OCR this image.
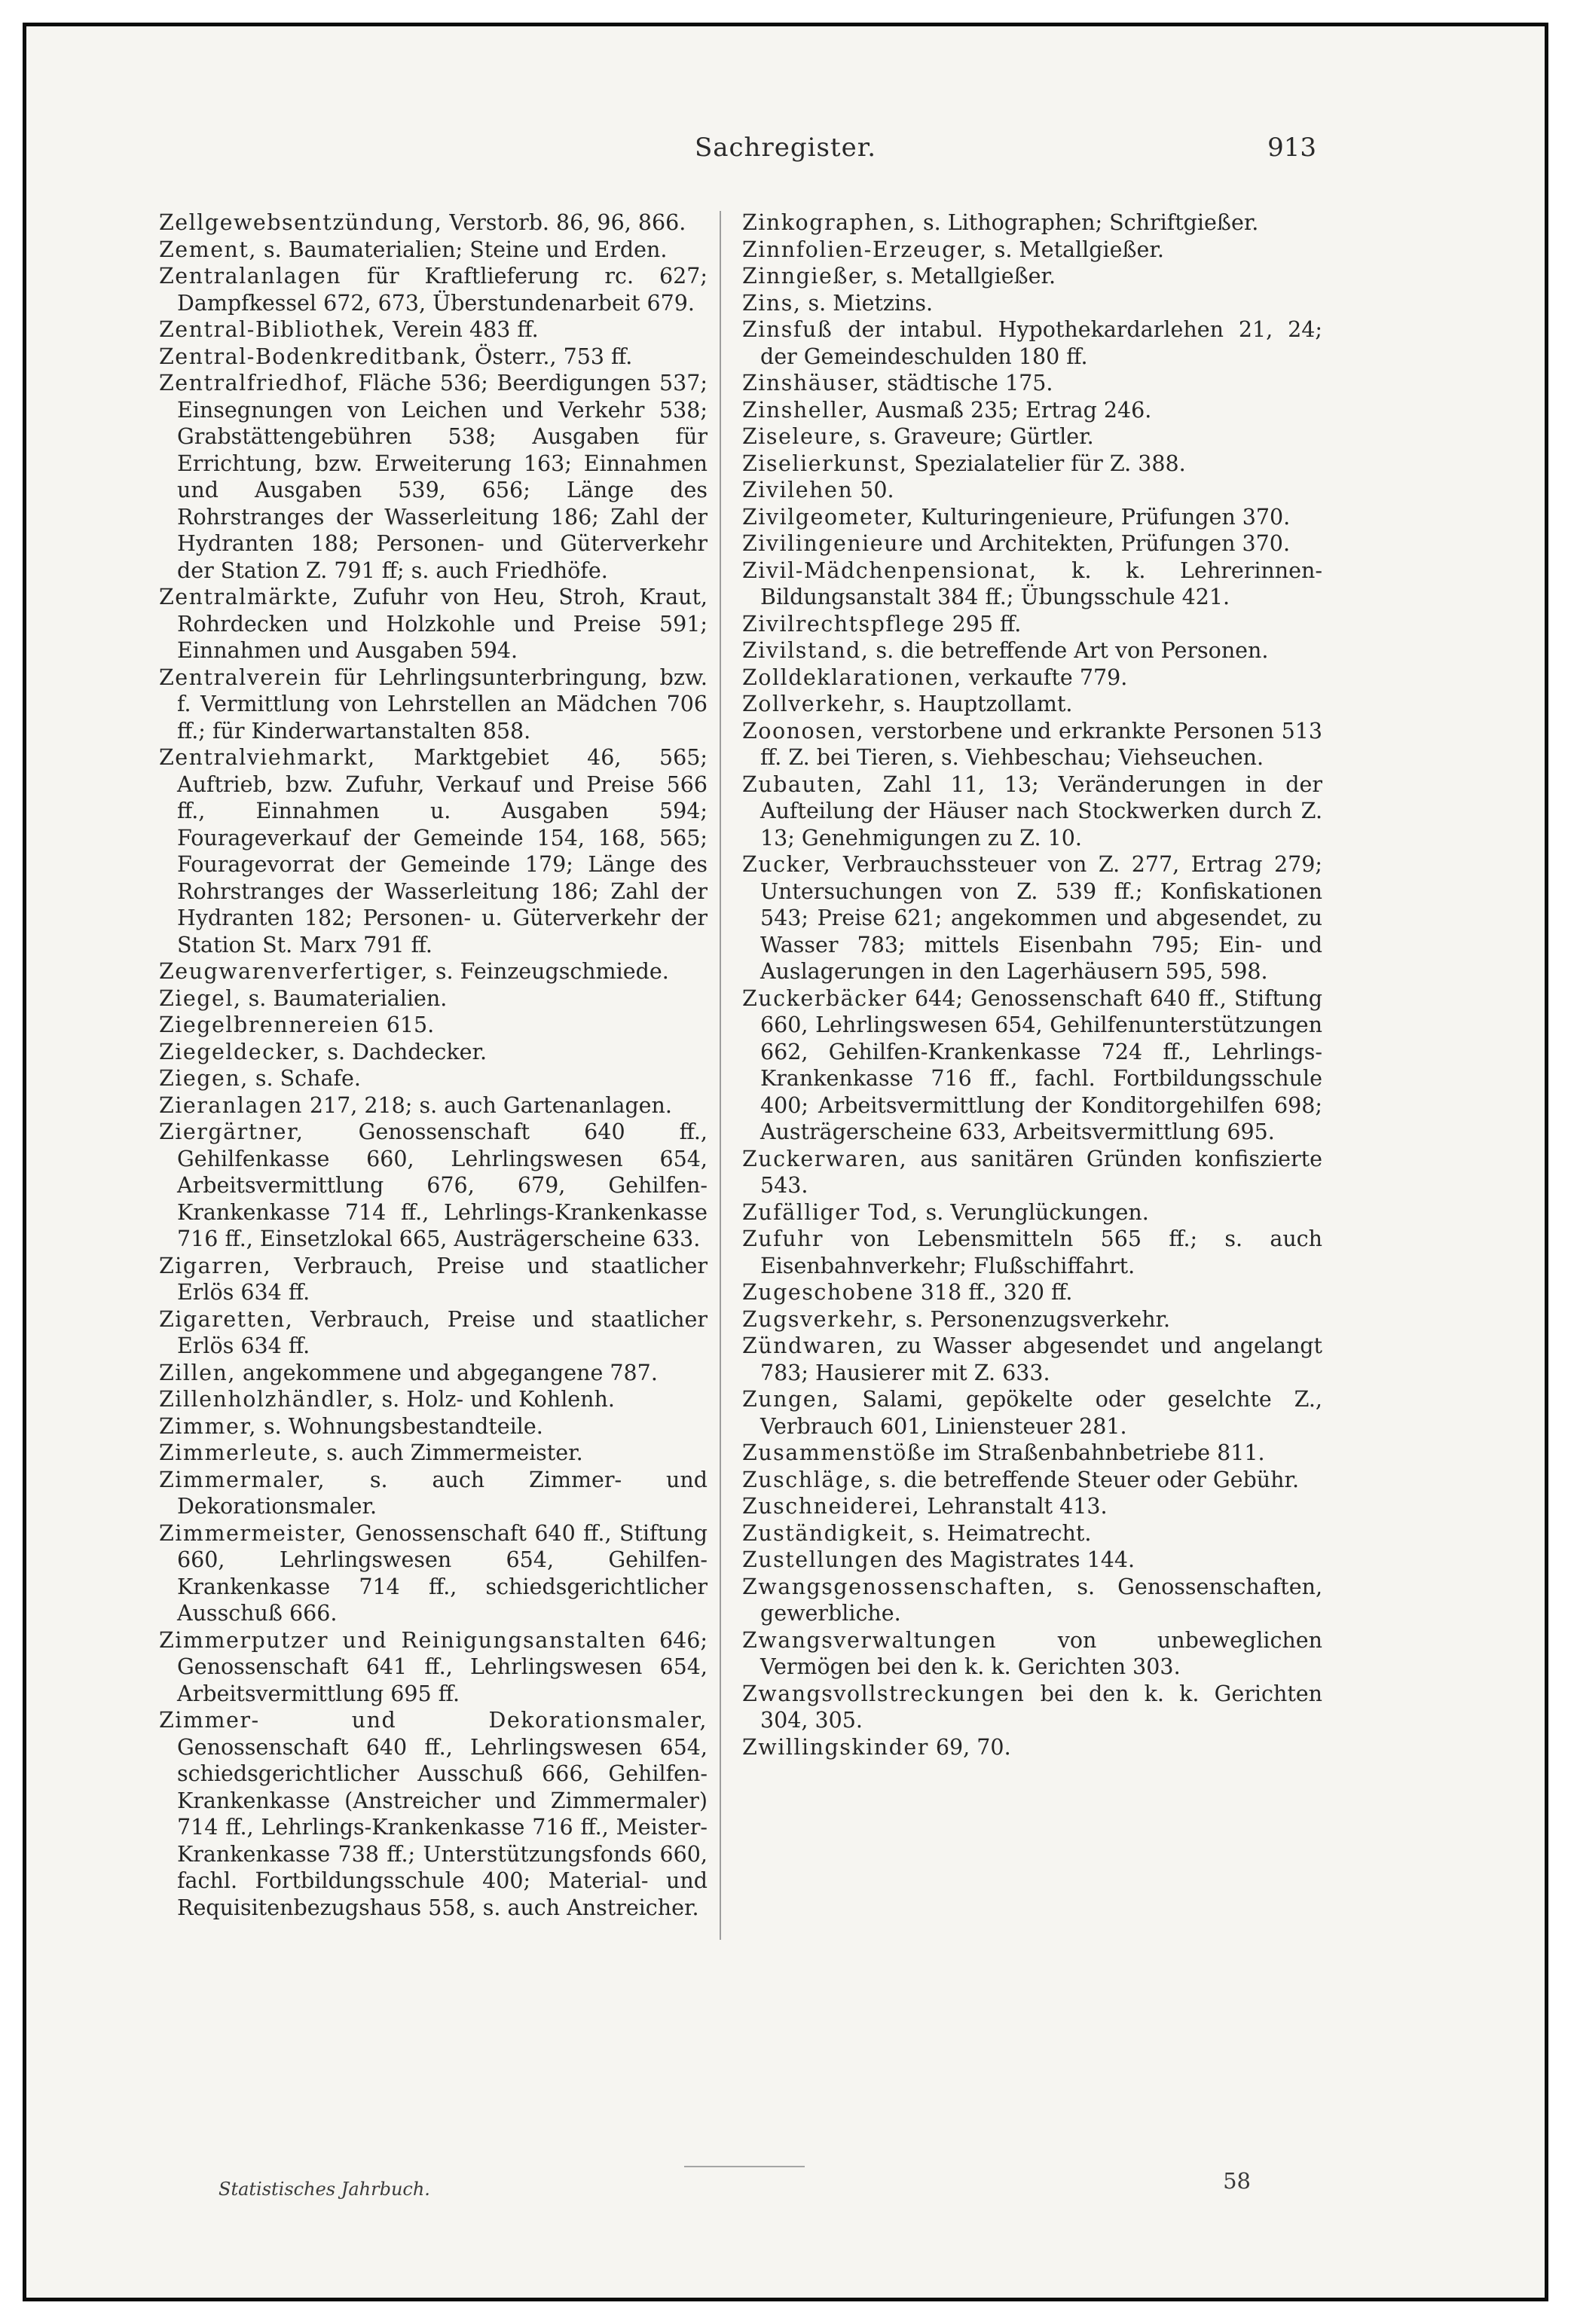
Sachregister.	913

Zellgewebsentzündung, Verstorb. 86, 96, 866.

Zement, s. Baumaterialien; Steine und Erden.

Zentralanlagen für Kraftlieferung rc. 627; Dampfkessel 672, 673, Überstundenarbeit 679.

Zentral-Bibliothek, Verein 483 ff.

Zentral-Bodenkreditbank, Österr., 753 ff.

Zentralfriedhof, Fläche 536; Beerdigungen 537; Einsegnungen von Leichen und Verkehr 538; Grabstättengebühren 538; Ausgaben für Errichtung, bzw. Erweiterung 163; Einnahmen und Ausgaben 539, 656; Länge des Rohrstranges der Wasserleitung 186; Zahl der Hydranten 188; Personen- und Güterverkehr der Station Z. 791 ff; s. auch Friedhöfe.

Zentralmärkte, Zufuhr von Heu, Stroh, Kraut, Rohrdecken und Holzkohle und Preise 591; Einnahmen und Ausgaben 594.

Zentralverein für Lehrlingsunterbringung, bzw. f. Vermittlung von Lehrstellen an Mädchen 706 ff.; für Kinderwartanstalten 858.

Zentralviehmarkt, Marktgebiet 46, 565; Auftrieb, bzw. Zufuhr, Verkauf und Preise 566 ff., Einnahmen u. Ausgaben 594; Fourageverkauf der Gemeinde 154, 168, 565; Fouragevorrat der Gemeinde 179; Länge des Rohrstranges der Wasserleitung 186; Zahl der Hydranten 182; Personen- u. Güterverkehr der Station St. Marx 791 ff.

Zeugwarenverfertiger, s. Feinzeugschmiede.

Ziegel, s. Baumaterialien.

Ziegelbrennereien 615.

Ziegeldecker, s. Dachdecker.

Ziegen, s. Schafe.

Zieranlagen 217, 218; s. auch Gartenanlagen.

Ziergärtner, Genossenschaft 640 ff., Gehilfenkasse 660, Lehrlingswesen 654, Arbeitsvermittlung 676, 679, Gehilfen-Krankenkasse 714 ff., Lehrlings-Krankenkasse 716 ff., Einsetzlokal 665, Austrägerscheine 633.

Zigarren, Verbrauch, Preise und staatlicher Erlös 634 ff.

Zigaretten, Verbrauch, Preise und staatlicher Erlös 634 ff.

Zillen, angekommene und abgegangene 787.

Zillenholzhändler, s. Holz- und Kohlenh.

Zimmer, s. Wohnungsbestandteile.

Zimmerleute, s. auch Zimmermeister.

Zimmermaler, s. auch Zimmer- und Dekorationsmaler.

Zimmermeister, Genossenschaft 640 ff., Stiftung 660, Lehrlingswesen 654, Gehilfen-Krankenkasse 714 ff., schiedsgerichtlicher Ausschuß 666.

Zimmerputzer und Reinigungsanstalten 646; Genossenschaft 641 ff., Lehrlingswesen 654, Arbeitsvermittlung 695 ff.

Zimmer- und Dekorationsmaler, Genossenschaft 640 ff., Lehrlingswesen 654, schiedsgerichtlicher Ausschuß 666, Gehilfen-Krankenkasse (Anstreicher und Zimmermaler) 714 ff., Lehrlings-Krankenkasse 716 ff., Meister-Krankenkasse 738 ff.; Unterstützungsfonds 660, fachl. Fortbildungsschule 400; Material- und Requisitenbezugshaus 558, s. auch Anstreicher.

Zinkographen, s. Lithographen; Schriftgießer.

Zinnfolien-Erzeuger, s. Metallgießer.

Zinngießer, s. Metallgießer.

Zins, s. Mietzins.

Zinsfuß der intabul. Hypothekardarlehen 21, 24; der Gemeindeschulden 180 ff.

Zinshäuser, städtische 175.

Zinsheller, Ausmaß 235; Ertrag 246.

Ziseleure, s. Graveure; Gürtler.

Ziselierkunst, Spezialatelier für Z. 388.

Zivilehen 50.

Zivilgeometer, Kulturingenieure, Prüfungen 370.

Zivilingenieure und Architekten, Prüfungen 370.

Zivil-Mädchenpensionat, k. k. Lehrerinnen-Bildungsanstalt 384 ff.; Übungsschule 421.

Zivilrechtspflege 295 ff.

Zivilstand, s. die betreffende Art von Personen.

Zolldeklarationen, verkaufte 779.

Zollverkehr, s. Hauptzollamt.

Zoonosen, verstorbene und erkrankte Personen 513 ff. Z. bei Tieren, s. Viehbeschau; Viehseuchen.

Zubauten, Zahl 11, 13; Veränderungen in der Aufteilung der Häuser nach Stockwerken durch Z. 13; Genehmigungen zu Z. 10.

Zucker, Verbrauchssteuer von Z. 277, Ertrag 279; Untersuchungen von Z. 539 ff.; Konfiskationen 543; Preise 621; angekommen und abgesendet, zu Wasser 783; mittels Eisenbahn 795; Ein- und Auslagerungen in den Lagerhäusern 595, 598.

Zuckerbäcker 644; Genossenschaft 640 ff., Stiftung 660, Lehrlingswesen 654, Gehilfenunterstützungen 662, Gehilfen-Krankenkasse 724 ff., Lehrlings-Krankenkasse 716 ff., fachl. Fortbildungsschule 400; Arbeitsvermittlung der Konditorgehilfen 698; Austrägerscheine 633, Arbeitsvermittlung 695.

Zuckerwaren, aus sanitären Gründen konfiszierte 543.

Zufälliger Tod, s. Verunglückungen.

Zufuhr von Lebensmitteln 565 ff.; s. auch Eisenbahnverkehr; Flußschiffahrt.

Zugeschobene 318 ff., 320 ff.

Zugsverkehr, s. Personenzugsverkehr.

Zündwaren, zu Wasser abgesendet und angelangt 783; Hausierer mit Z. 633.

Zungen, Salami, gepökelte oder geselchte Z., Verbrauch 601, Liniensteuer 281.

Zusammenstöße im Straßenbahnbetriebe 811.

Zuschläge, s. die betreffende Steuer oder Gebühr.

Zuschneiderei, Lehranstalt 413.

Zuständigkeit, s. Heimatrecht.

Zustellungen des Magistrates 144.

Zwangsgenossenschaften, s. Genossenschaften, gewerbliche.

Zwangsverwaltungen von unbeweglichen Vermögen bei den k. k. Gerichten 303.

Zwangsvollstreckungen bei den k. k. Gerichten 304, 305.

Zwillingskinder 69, 70.

Statistisches Jahrbuch.	58
